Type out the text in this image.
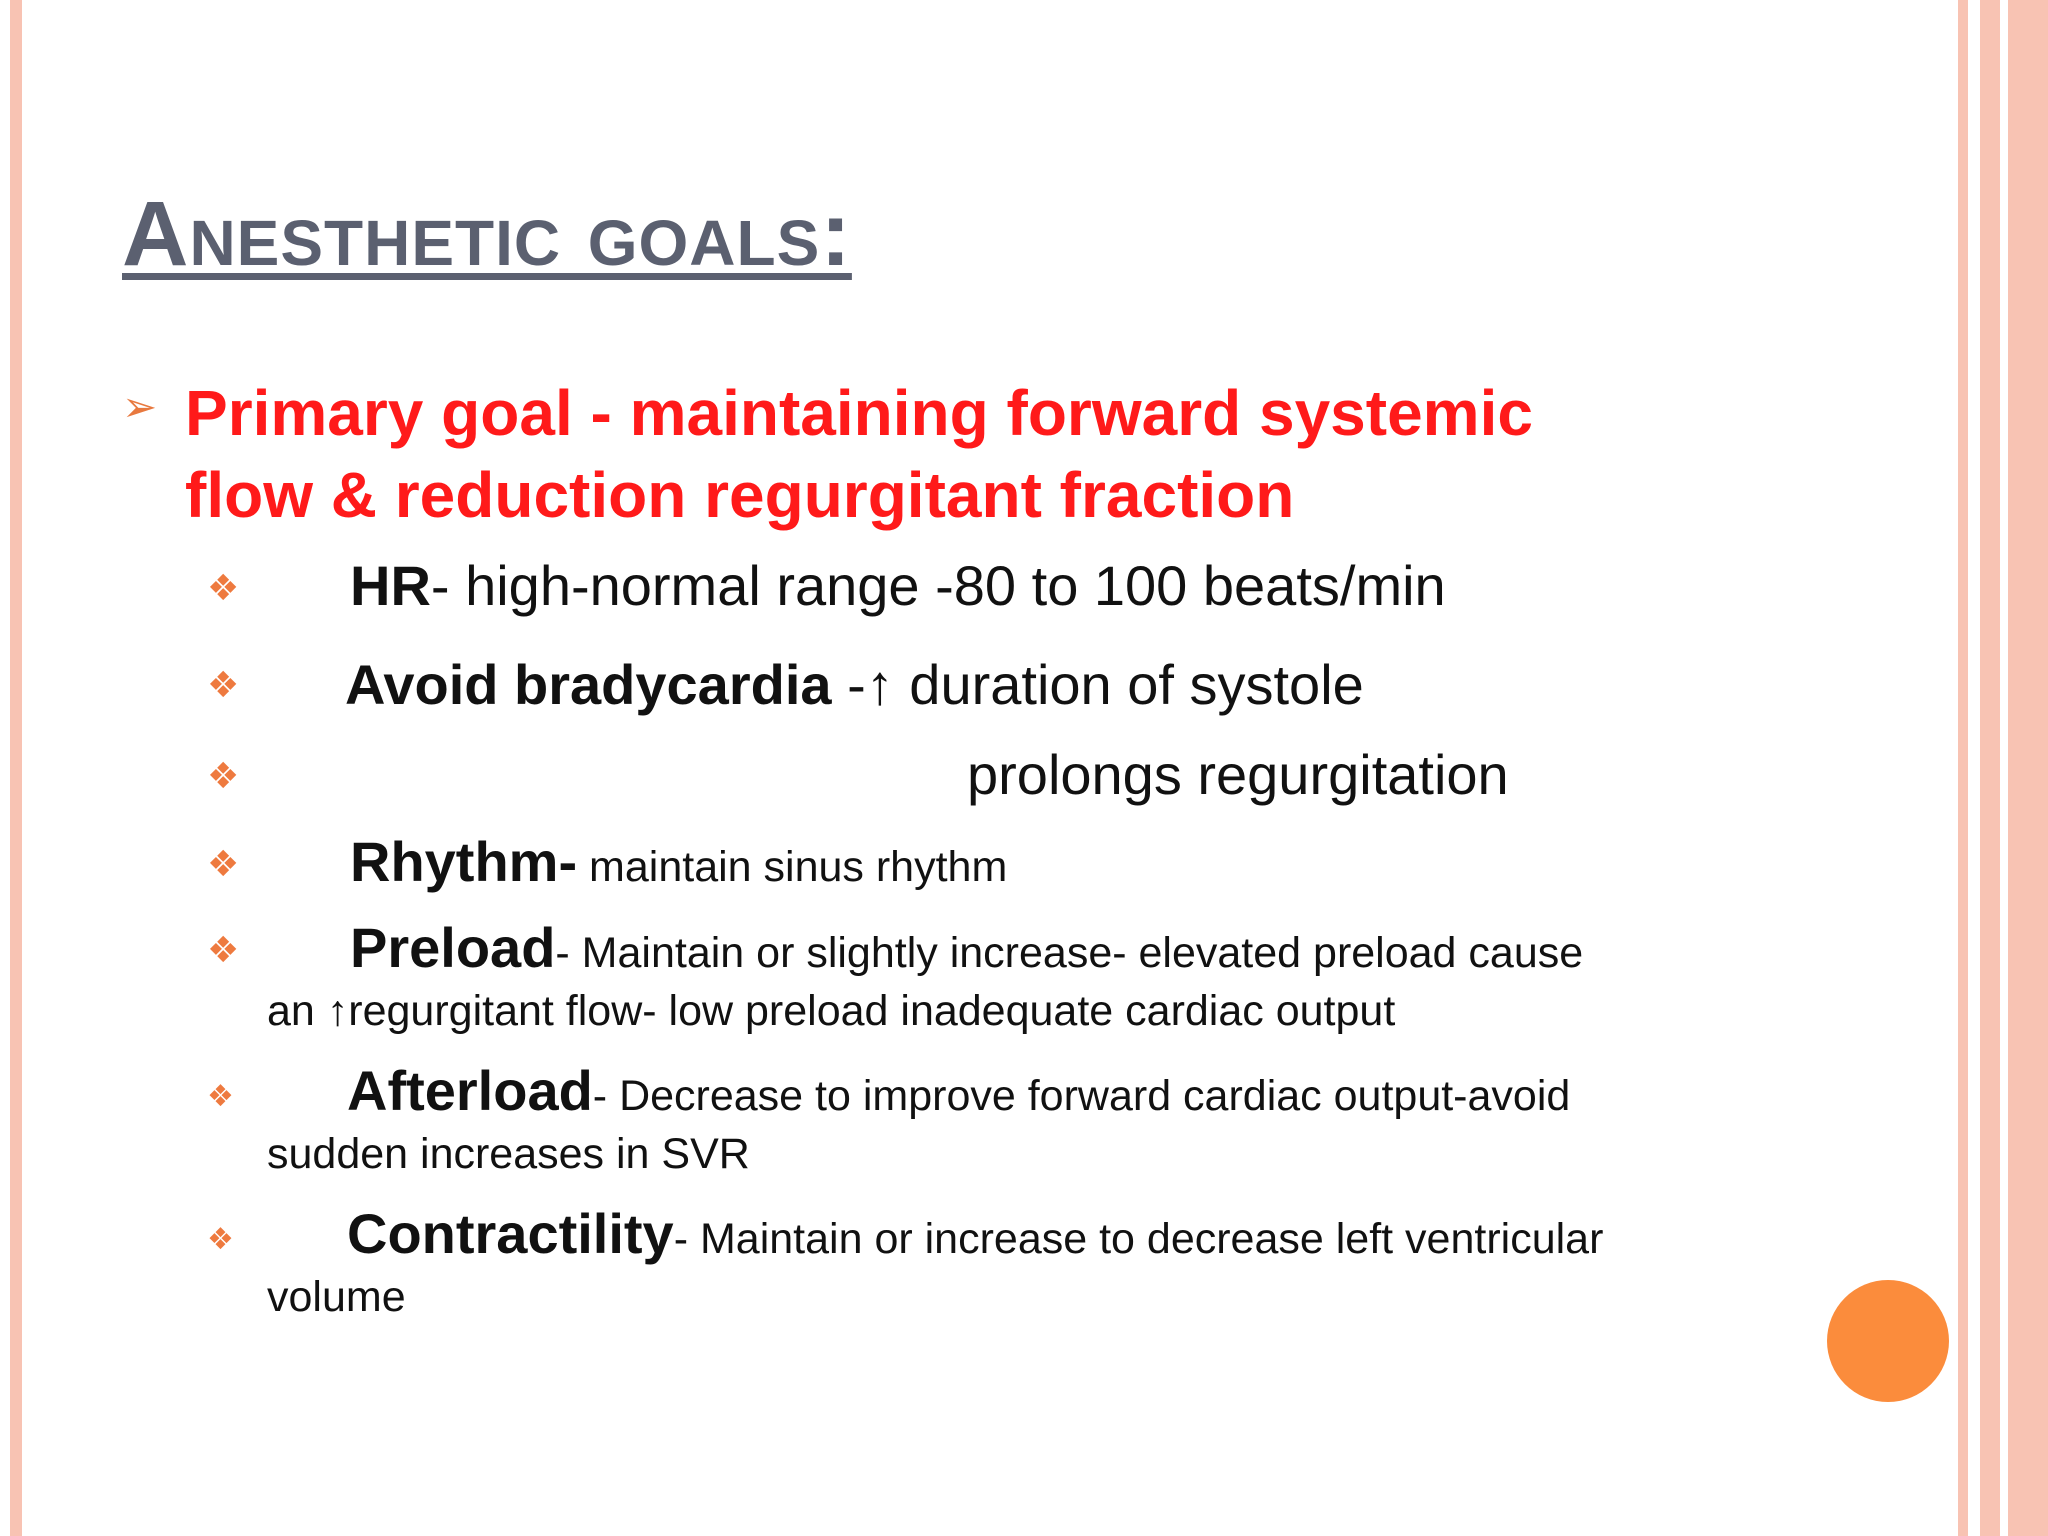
Anesthetic goals:
➢ Primary goal - maintaining forward systemic
flow & reduction regurgitant fraction

❖ HR- high-normal range -80 to 100 beats/min
❖ Avoid bradycardia -↑ duration of systole
❖	prolongs regurgitation
❖ Rhythm- maintain sinus rhythm
❖ Preload- Maintain or slightly increase- elevated preload cause
an ↑regurgitant flow- low preload inadequate cardiac output
❖ Afterload- Decrease to improve forward cardiac output-avoid
sudden increases in SVR
❖ Contractility- Maintain or increase to decrease left ventricular
volume
